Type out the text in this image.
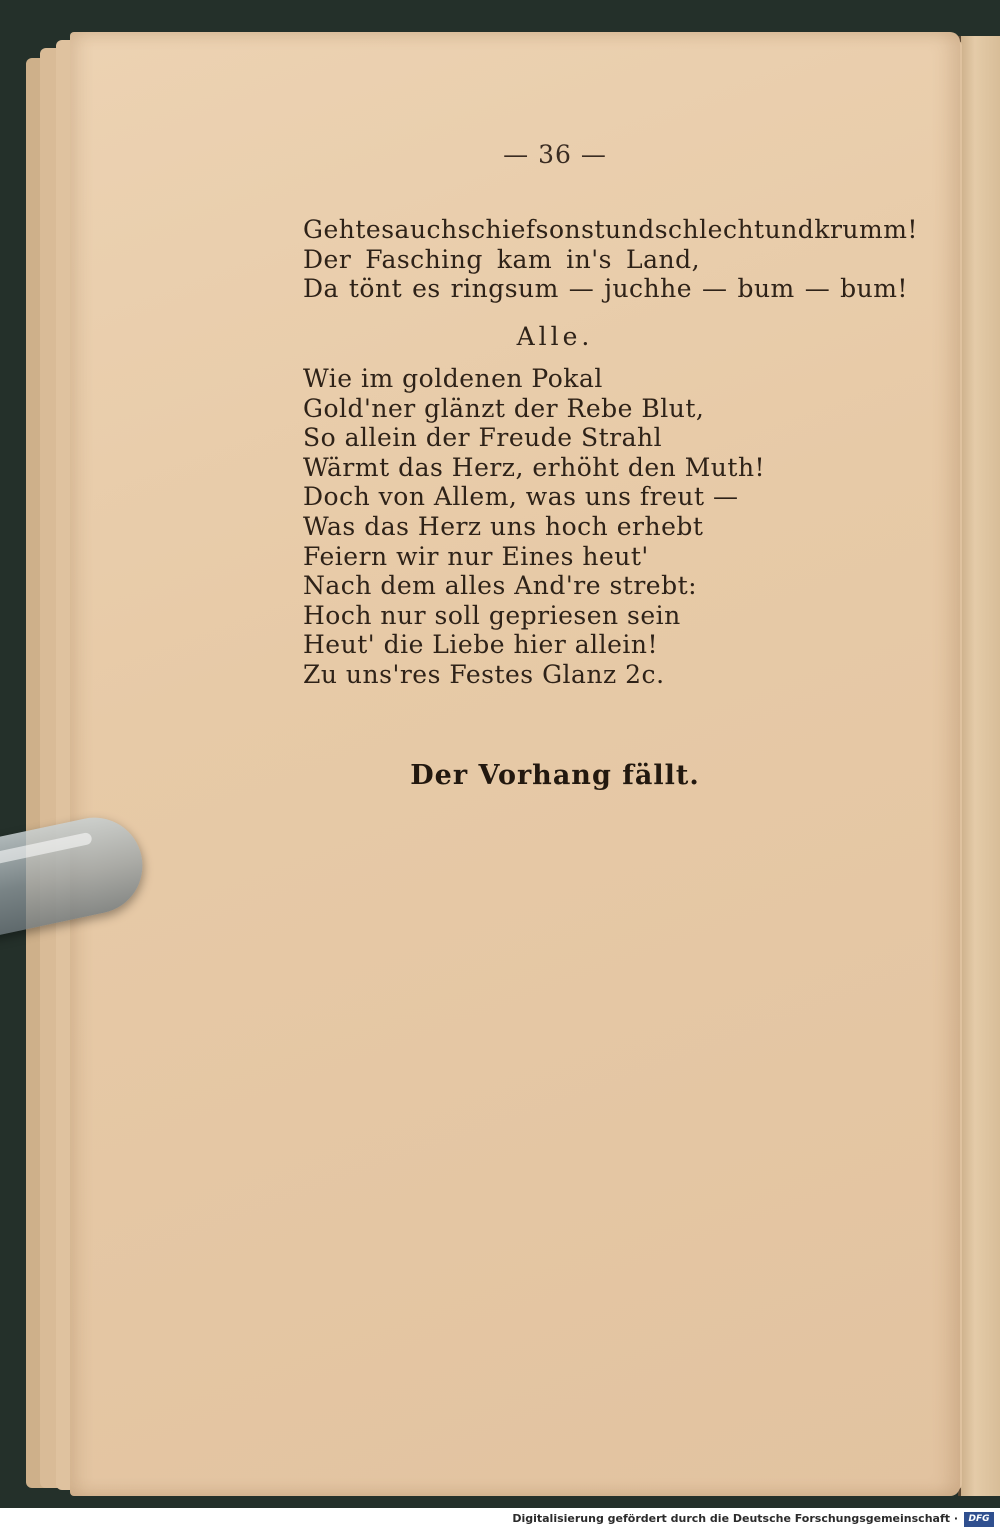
— 36 —
Geht es auch schief sonst und schlecht und krumm!
Der Fasching kam in's Land,
Da tönt es ringsum — juchhe — bum — bum!
Alle.
Wie im goldenen Pokal
Gold'ner glänzt der Rebe Blut,
So allein der Freude Strahl
Wärmt das Herz, erhöht den Muth!
Doch von Allem, was uns freut —
Was das Herz uns hoch erhebt
Feiern wir nur Eines heut'
Nach dem alles And're strebt:
Hoch nur soll gepriesen sein
Heut' die Liebe hier allein!
Zu uns'res Festes Glanz 2c.
Der Vorhang fällt.
Digitalisierung gefördert durch die Deutsche Forschungsgemeinschaft ·	DFG
